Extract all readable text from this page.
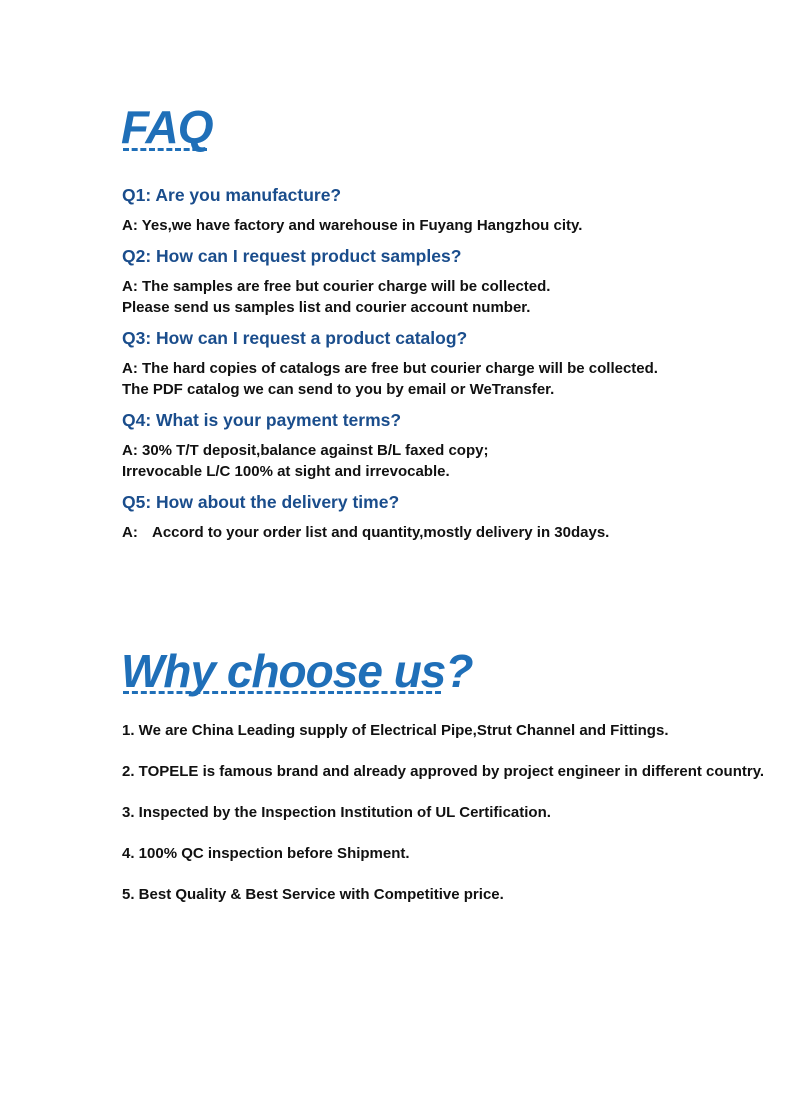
FAQ

Q1: Are you manufacture?

A: Yes,we have factory and warehouse in Fuyang Hangzhou city.

Q2: How can I request product samples?

A: The samples are free but courier charge will be collected.
Please send us samples list and courier account number.

Q3: How can I request a product catalog?

A: The hard copies of catalogs are free but courier charge will be collected.
The PDF catalog we can send to you by email or WeTransfer.

Q4: What is your payment terms?

A: 30% T/T deposit,balance against B/L faxed copy;
Irrevocable L/C 100% at sight and irrevocable.

Q5: How about the delivery time?

A: Accord to your order list and quantity,mostly delivery in 30days.

Why choose us?
1. We are China Leading supply of Electrical Pipe,Strut Channel and Fittings.
2. TOPELE is famous brand and already approved by project engineer in different country.
3. Inspected by the Inspection Institution of UL Certification.
4. 100% QC inspection before Shipment.
5. Best Quality & Best Service with Competitive price.
